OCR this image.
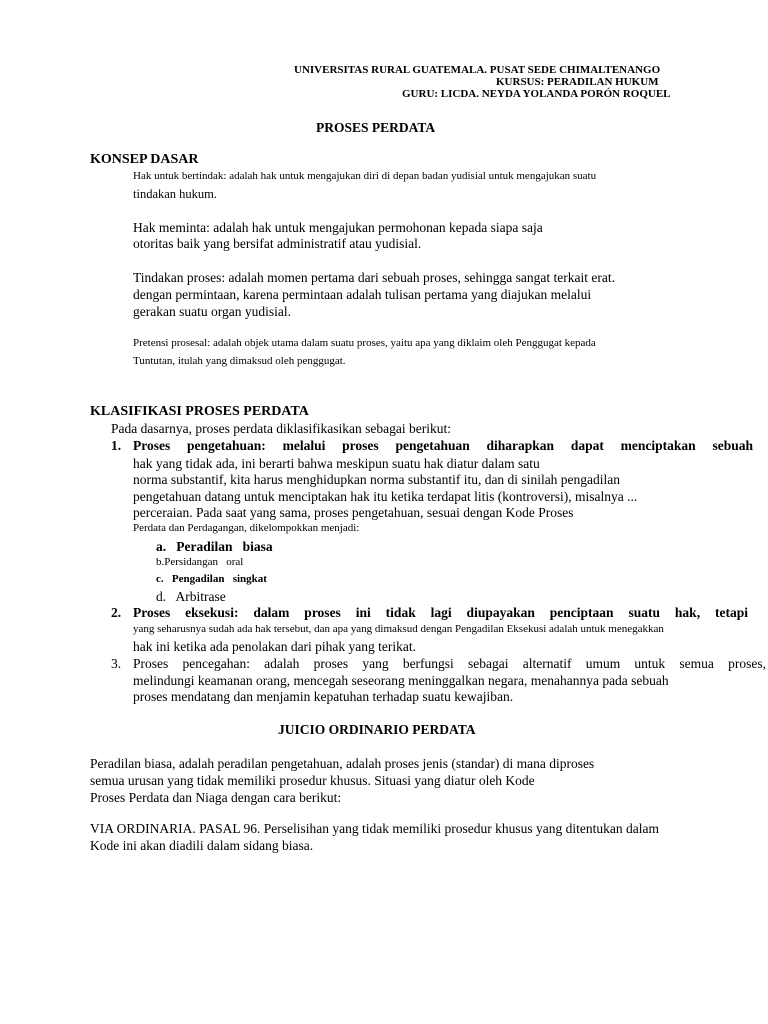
UNIVERSITAS RURAL GUATEMALA. PUSAT SEDE CHIMALTENANGO
KURSUS: PERADILAN HUKUM
GURU: LICDA. NEYDA YOLANDA PORÓN ROQUEL
PROSES PERDATA
KONSEP DASAR
Hak untuk bertindak: adalah hak untuk mengajukan diri di depan badan yudisial untuk mengajukan suatu
tindakan hukum.
Hak meminta: adalah hak untuk mengajukan permohonan kepada siapa saja
otoritas baik yang bersifat administratif atau yudisial.
Tindakan proses: adalah momen pertama dari sebuah proses, sehingga sangat terkait erat.
dengan permintaan, karena permintaan adalah tulisan pertama yang diajukan melalui
gerakan suatu organ yudisial.
Pretensi prosesal: adalah objek utama dalam suatu proses, yaitu apa yang diklaim oleh Penggugat kepada
Tuntutan, itulah yang dimaksud oleh penggugat.
KLASIFIKASI PROSES PERDATA
Pada dasarnya, proses perdata diklasifikasikan sebagai berikut:
1. Proses pengetahuan: melalui proses pengetahuan diharapkan dapat menciptakan sebuah
hak yang tidak ada, ini berarti bahwa meskipun suatu hak diatur dalam satu
norma substantif, kita harus menghidupkan norma substantif itu, dan di sinilah pengadilan
pengetahuan datang untuk menciptakan hak itu ketika terdapat litis (kontroversi), misalnya ...
perceraian. Pada saat yang sama, proses pengetahuan, sesuai dengan Kode Proses
Perdata dan Perdagangan, dikelompokkan menjadi:
a.   Peradilan   biasa
b.Persidangan   oral
c.   Pengadilan   singkat
d.   Arbitrase
2. Proses eksekusi: dalam proses ini tidak lagi diupayakan penciptaan suatu hak, tetapi
yang seharusnya sudah ada hak tersebut, dan apa yang dimaksud dengan Pengadilan Eksekusi adalah untuk menegakkan
hak ini ketika ada penolakan dari pihak yang terikat.
3. Proses pencegahan: adalah proses yang berfungsi sebagai alternatif umum untuk semua proses,
melindungi keamanan orang, mencegah seseorang meninggalkan negara, menahannya pada sebuah
proses mendatang dan menjamin kepatuhan terhadap suatu kewajiban.
JUICIO ORDINARIO PERDATA
Peradilan biasa, adalah peradilan pengetahuan, adalah proses jenis (standar) di mana diproses
semua urusan yang tidak memiliki prosedur khusus. Situasi yang diatur oleh Kode
Proses Perdata dan Niaga dengan cara berikut:
VIA ORDINARIA. PASAL 96. Perselisihan yang tidak memiliki prosedur khusus yang ditentukan dalam
Kode ini akan diadili dalam sidang biasa.
